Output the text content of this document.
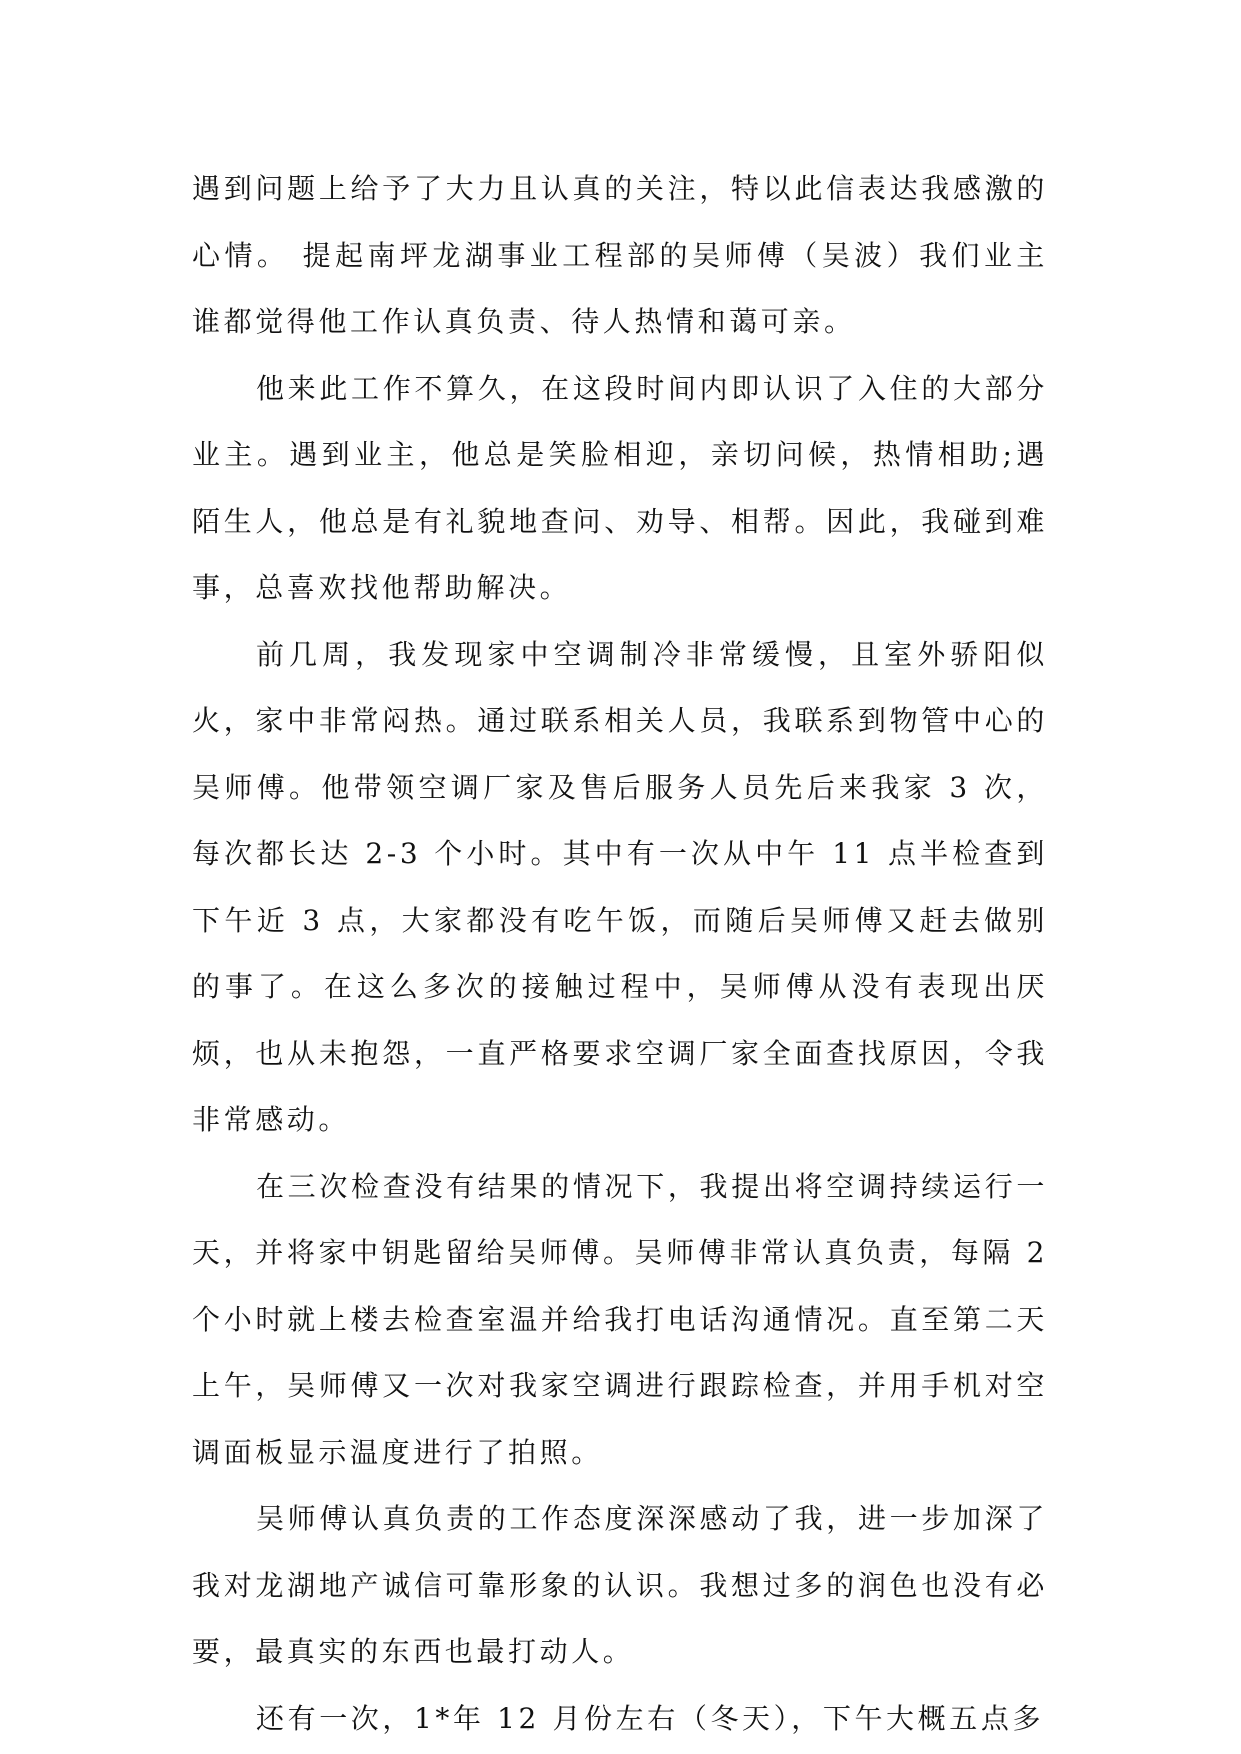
遇到问题上给予了大力且认真的关注，特以此信表达我感激的心情。 提起南坪龙湖事业工程部的吴师傅（吴波）我们业主谁都觉得他工作认真负责、待人热情和蔼可亲。

他来此工作不算久，在这段时间内即认识了入住的大部分业主。遇到业主，他总是笑脸相迎，亲切问候，热情相助;遇陌生人，他总是有礼貌地查问、劝导、相帮。因此，我碰到难事，总喜欢找他帮助解决。

前几周，我发现家中空调制冷非常缓慢，且室外骄阳似火，家中非常闷热。通过联系相关人员，我联系到物管中心的吴师傅。他带领空调厂家及售后服务人员先后来我家 3 次，每次都长达 2-3 个小时。其中有一次从中午 11 点半检查到下午近 3 点，大家都没有吃午饭，而随后吴师傅又赶去做别的事了。在这么多次的接触过程中，吴师傅从没有表现出厌烦，也从未抱怨，一直严格要求空调厂家全面查找原因，令我非常感动。

在三次检查没有结果的情况下，我提出将空调持续运行一天，并将家中钥匙留给吴师傅。吴师傅非常认真负责，每隔 2 个小时就上楼去检查室温并给我打电话沟通情况。直至第二天上午，吴师傅又一次对我家空调进行跟踪检查，并用手机对空调面板显示温度进行了拍照。

吴师傅认真负责的工作态度深深感动了我，进一步加深了我对龙湖地产诚信可靠形象的认识。我想过多的润色也没有必要，最真实的东西也最打动人。

还有一次，1*年 12 月份左右（冬天），下午大概五点多
